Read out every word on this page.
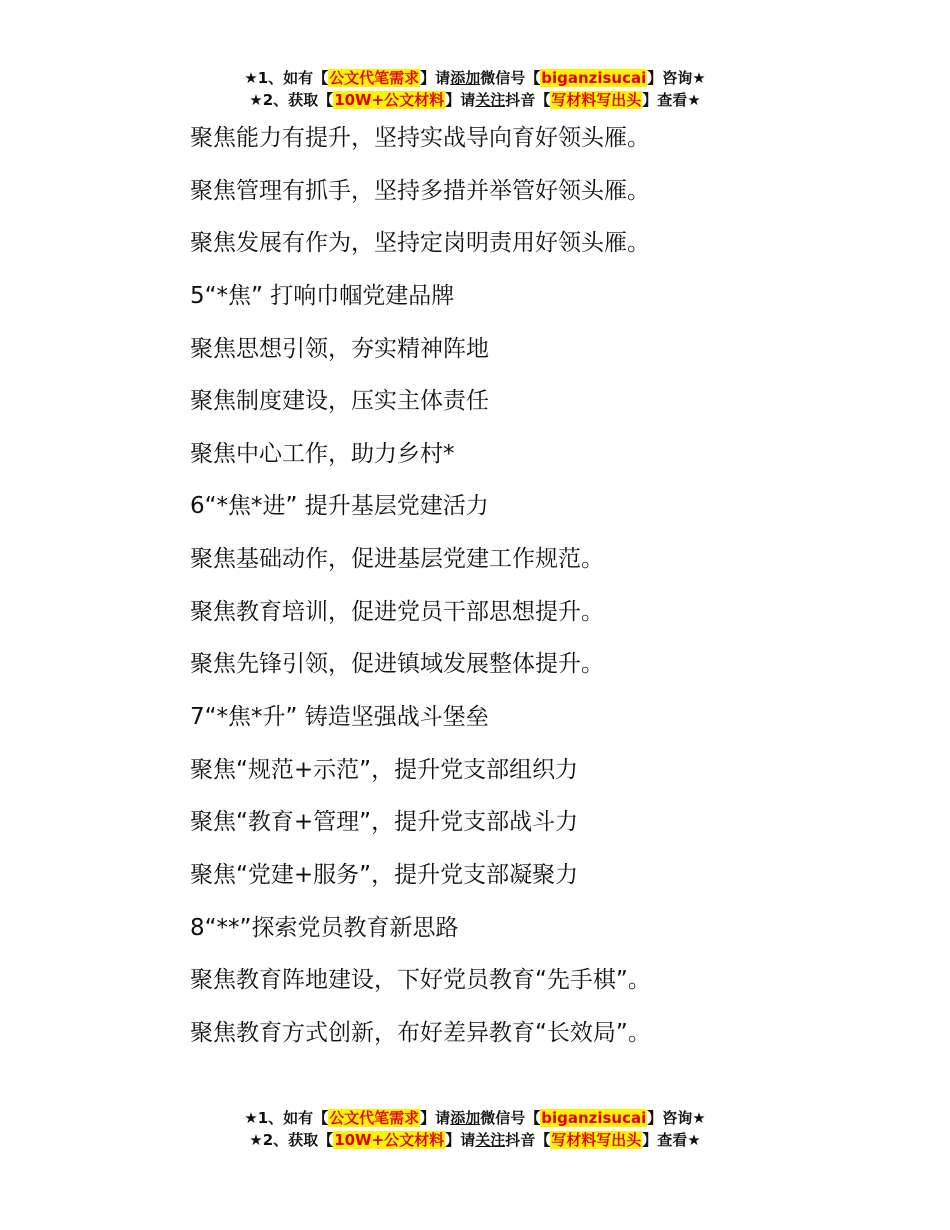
★1、如有【公文代笔需求】请添加微信号【biganzisucai】咨询★
★2、获取【10W+公文材料】请关注抖音【写材料写出头】查看★
聚焦能力有提升，坚持实战导向育好领头雁。
聚焦管理有抓手，坚持多措并举管好领头雁。
聚焦发展有作为，坚持定岗明责用好领头雁。
5“*焦” 打响巾帼党建品牌
聚焦思想引领，夯实精神阵地
聚焦制度建设，压实主体责任
聚焦中心工作，助力乡村*
6“*焦*进” 提升基层党建活力
聚焦基础动作，促进基层党建工作规范。
聚焦教育培训，促进党员干部思想提升。
聚焦先锋引领，促进镇域发展整体提升。
7“*焦*升” 铸造坚强战斗堡垒
聚焦“规范+示范”，提升党支部组织力
聚焦“教育+管理”，提升党支部战斗力
聚焦“党建+服务”，提升党支部凝聚力
8“**”探索党员教育新思路
聚焦教育阵地建设，下好党员教育“先手棋”。
聚焦教育方式创新，布好差异教育“长效局”。
★1、如有【公文代笔需求】请添加微信号【biganzisucai】咨询★
★2、获取【10W+公文材料】请关注抖音【写材料写出头】查看★
